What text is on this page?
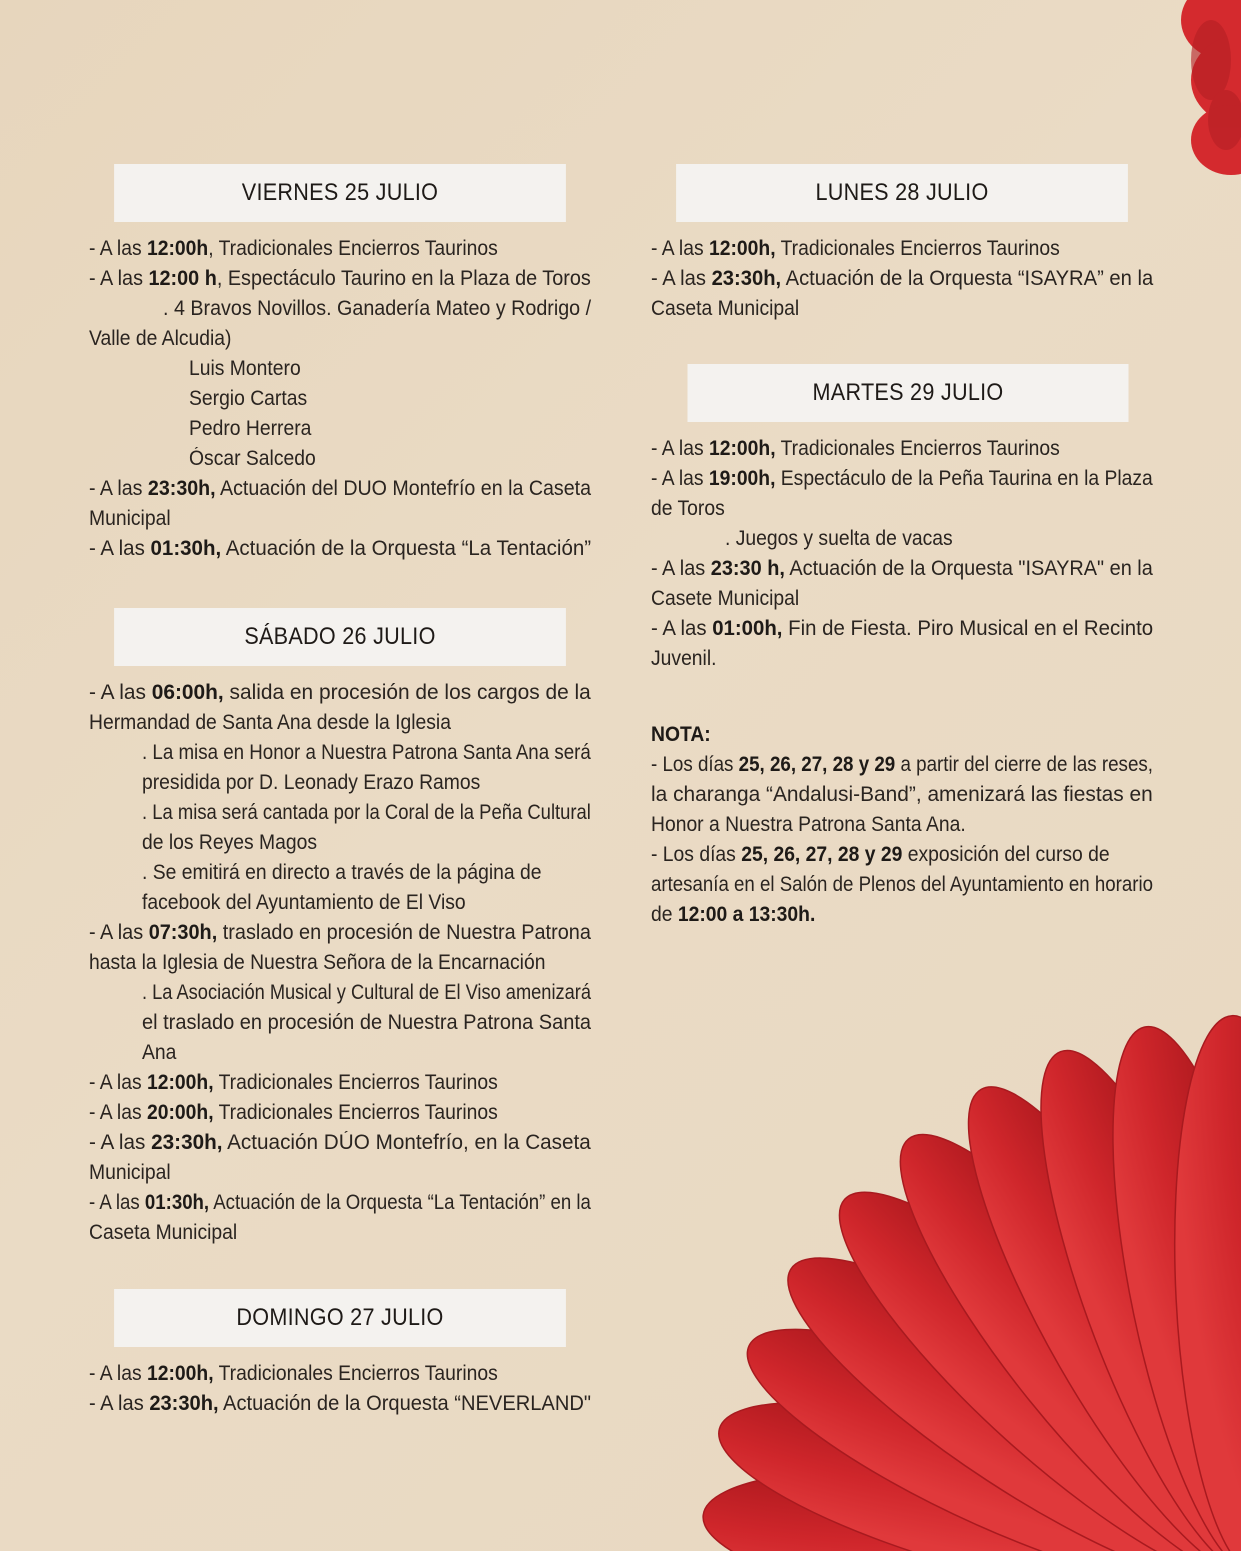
VIERNES 25 JULIO
- A las 12:00h, Tradicionales Encierros Taurinos
- A las 12:00 h, Espectáculo Taurino en la Plaza de Toros
. 4 Bravos Novillos. Ganadería Mateo y Rodrigo /
Valle de Alcudia)
Luis Montero
Sergio Cartas
Pedro Herrera
Óscar Salcedo
- A las 23:30h, Actuación del DUO Montefrío en la Caseta
Municipal
- A las 01:30h, Actuación de la Orquesta “La Tentación”
SÁBADO 26 JULIO
- A las 06:00h, salida en procesión de los cargos de la
Hermandad de Santa Ana desde la Iglesia
. La misa en Honor a Nuestra Patrona Santa Ana será
presidida por D. Leonady Erazo Ramos
. La misa será cantada por la Coral de la Peña Cultural
de los Reyes Magos
. Se emitirá en directo a través de la página de
facebook del Ayuntamiento de El Viso
- A las 07:30h, traslado en procesión de Nuestra Patrona
hasta la Iglesia de Nuestra Señora de la Encarnación
. La Asociación Musical y Cultural de El Viso amenizará
el traslado en procesión de Nuestra Patrona Santa
Ana
- A las 12:00h, Tradicionales Encierros Taurinos
- A las 20:00h, Tradicionales Encierros Taurinos
- A las 23:30h, Actuación DÚO Montefrío, en la Caseta
Municipal
- A las 01:30h, Actuación de la Orquesta “La Tentación” en la
Caseta Municipal
DOMINGO 27 JULIO
- A las 12:00h, Tradicionales Encierros Taurinos
- A las 23:30h, Actuación de la Orquesta “NEVERLAND"
LUNES 28 JULIO
- A las 12:00h, Tradicionales Encierros Taurinos
- A las 23:30h, Actuación de la Orquesta “ISAYRA” en la
Caseta Municipal
MARTES 29 JULIO
- A las 12:00h, Tradicionales Encierros Taurinos
- A las 19:00h, Espectáculo de la Peña Taurina en la Plaza
de Toros
. Juegos y suelta de vacas
- A las 23:30 h, Actuación de la Orquesta "ISAYRA" en la
Casete Municipal
- A las 01:00h, Fin de Fiesta. Piro Musical en el Recinto
Juvenil.
NOTA:
- Los días 25, 26, 27, 28 y 29 a partir del cierre de las reses,
la charanga “Andalusi-Band”, amenizará las fiestas en
Honor a Nuestra Patrona Santa Ana.
- Los días 25, 26, 27, 28 y 29 exposición del curso de
artesanía en el Salón de Plenos del Ayuntamiento en horario
de 12:00 a 13:30h.
